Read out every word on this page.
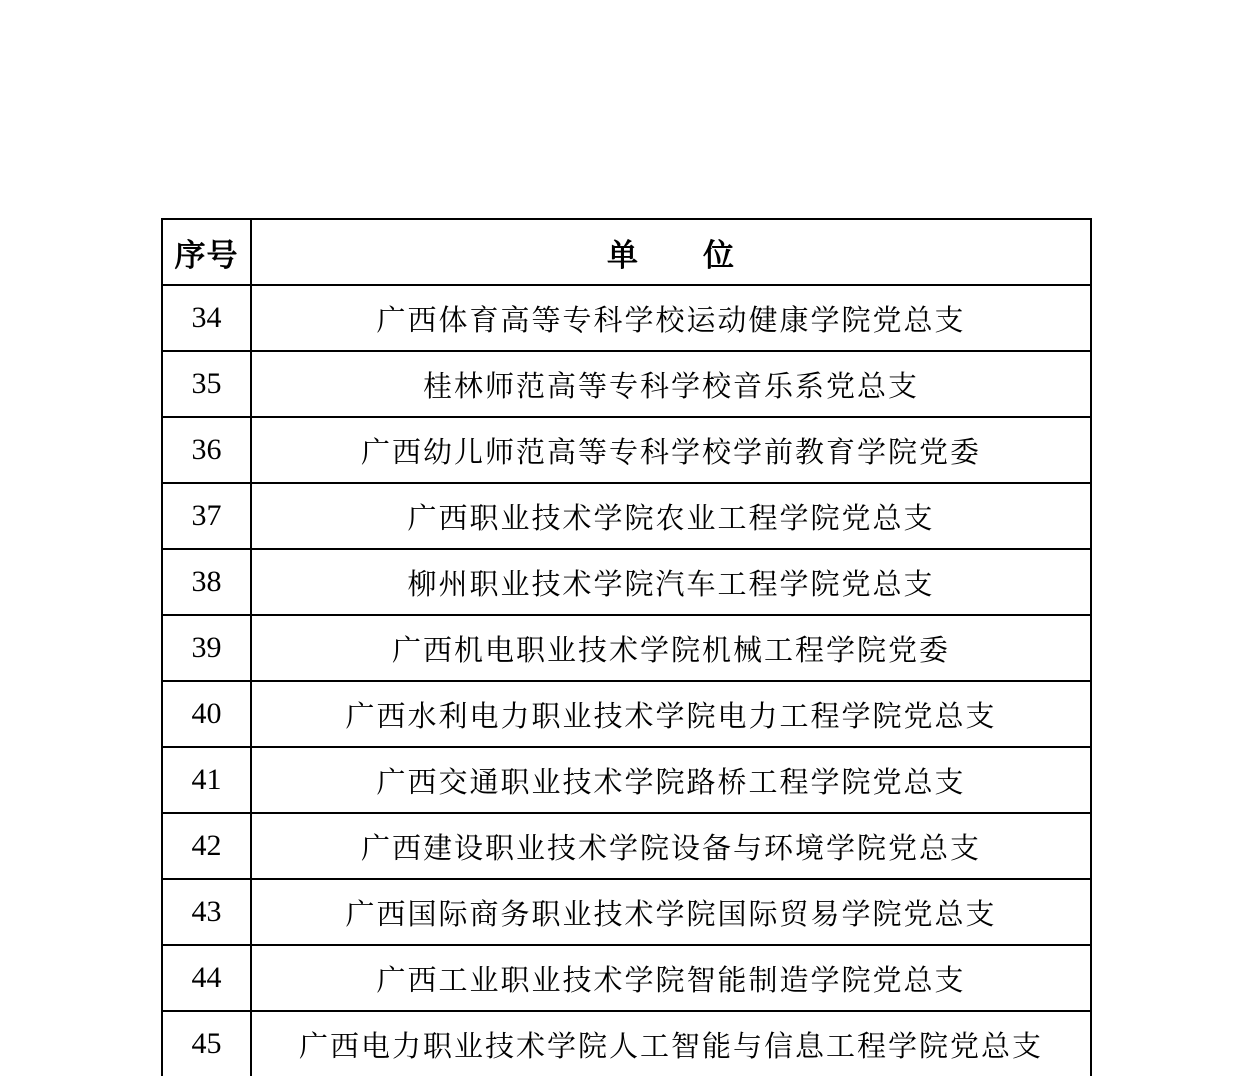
序号	单　　位
34	广西体育高等专科学校运动健康学院党总支
35	桂林师范高等专科学校音乐系党总支
36	广西幼儿师范高等专科学校学前教育学院党委
37	广西职业技术学院农业工程学院党总支
38	柳州职业技术学院汽车工程学院党总支
39	广西机电职业技术学院机械工程学院党委
40	广西水利电力职业技术学院电力工程学院党总支
41	广西交通职业技术学院路桥工程学院党总支
42	广西建设职业技术学院设备与环境学院党总支
43	广西国际商务职业技术学院国际贸易学院党总支
44	广西工业职业技术学院智能制造学院党总支
45	广西电力职业技术学院人工智能与信息工程学院党总支
